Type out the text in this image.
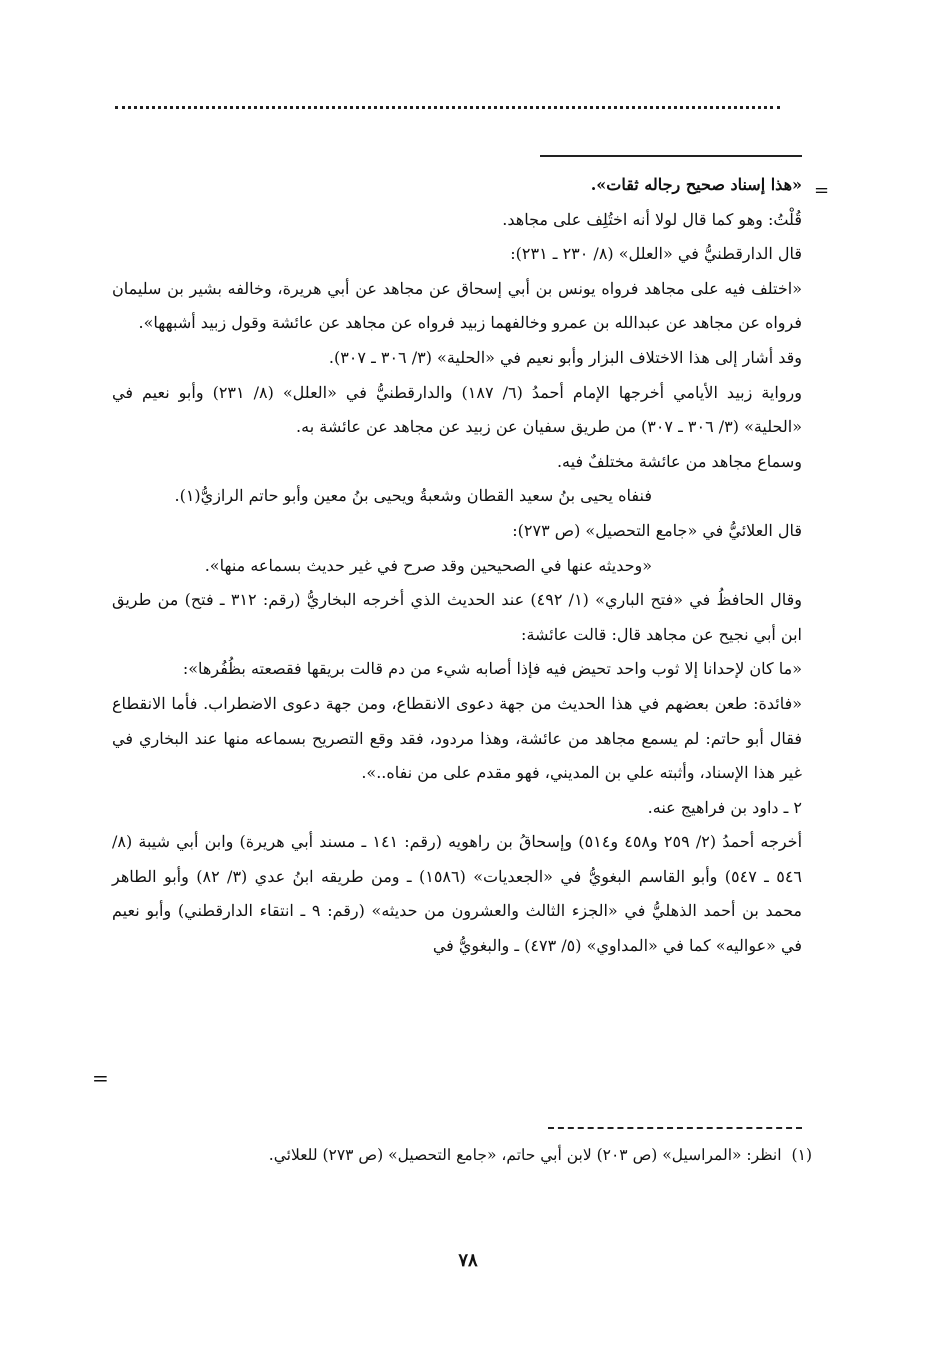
=

«هذا إسناد صحيح رجاله ثقات».

قُلْتُ: وهو كما قال لولا أنه اختُلِف على مجاهد.

قال الدارقطنيُّ في «العلل» (٨/ ٢٣٠ ـ ٢٣١):

«اختلف فيه على مجاهد فرواه يونس بن أبي إسحاق عن مجاهد عن أبي هريرة، وخالفه بشير بن سليمان فرواه عن مجاهد عن عبدالله بن عمرو وخالفهما زبيد فرواه عن مجاهد عن عائشة وقول زبيد أشبهها».

وقد أشار إلى هذا الاختلاف البزار وأبو نعيم في «الحلية» (٣/ ٣٠٦ ـ ٣٠٧).

ورواية زبيد الأيامي أخرجها الإمام أحمدُ (٦/ ١٨٧) والدارقطنيُّ في «العلل» (٨/ ٢٣١) وأبو نعيم في «الحلية» (٣/ ٣٠٦ ـ ٣٠٧) من طريق سفيان عن زبيد عن مجاهد عن عائشة به.

وسماع مجاهد من عائشة مختلفٌ فيه.

فنفاه يحيى بنُ سعيد القطان وشعبةُ ويحيى بنُ معين وأبو حاتم الرازيُّ(١).

قال العلائيُّ في «جامع التحصيل» (ص ٢٧٣):

«وحديثه عنها في الصحيحين وقد صرح في غير حديث بسماعه منها».

وقال الحافظُ في «فتح الباري» (١/ ٤٩٢) عند الحديث الذي أخرجه البخاريُّ (رقم: ٣١٢ ـ فتح) من طريق ابن أبي نجيح عن مجاهد قال: قالت عائشة:

«ما كان لإحدانا إلا ثوب واحد تحيض فيه فإذا أصابه شيء من دم قالت بريقها فقصعته بظُفُرها»:

«فائدة: طعن بعضهم في هذا الحديث من جهة دعوى الانقطاع، ومن جهة دعوى الاضطراب. فأما الانقطاع فقال أبو حاتم: لم يسمع مجاهد من عائشة، وهذا مردود، فقد وقع التصريح بسماعه منها عند البخاري في غير هذا الإسناد، وأثبته علي بن المديني، فهو مقدم على من نفاه..».

٢ ـ داود بن فراهيج عنه.

أخرجه أحمدُ (٢/ ٢٥٩ و٤٥٨ و٥١٤) وإسحاقُ بن راهويه (رقم: ١٤١ ـ مسند أبي هريرة) وابن أبي شيبة (٨/ ٥٤٦ ـ ٥٤٧) وأبو القاسم البغويُّ في «الجعديات» (١٥٨٦) ـ ومن طريقه ابنُ عدي (٣/ ٨٢) وأبو الطاهر محمد بن أحمد الذهليُّ في «الجزء الثالث والعشرون من حديثه» (رقم: ٩ ـ انتقاء الدارقطني) وأبو نعيم في «عواليه» كما في «المداوي» (٥/ ٤٧٣) ـ والبغويُّ في

=

(١)انظر: «المراسيل» (ص ٢٠٣) لابن أبي حاتم، «جامع التحصيل» (ص ٢٧٣) للعلائي.

٧٨
